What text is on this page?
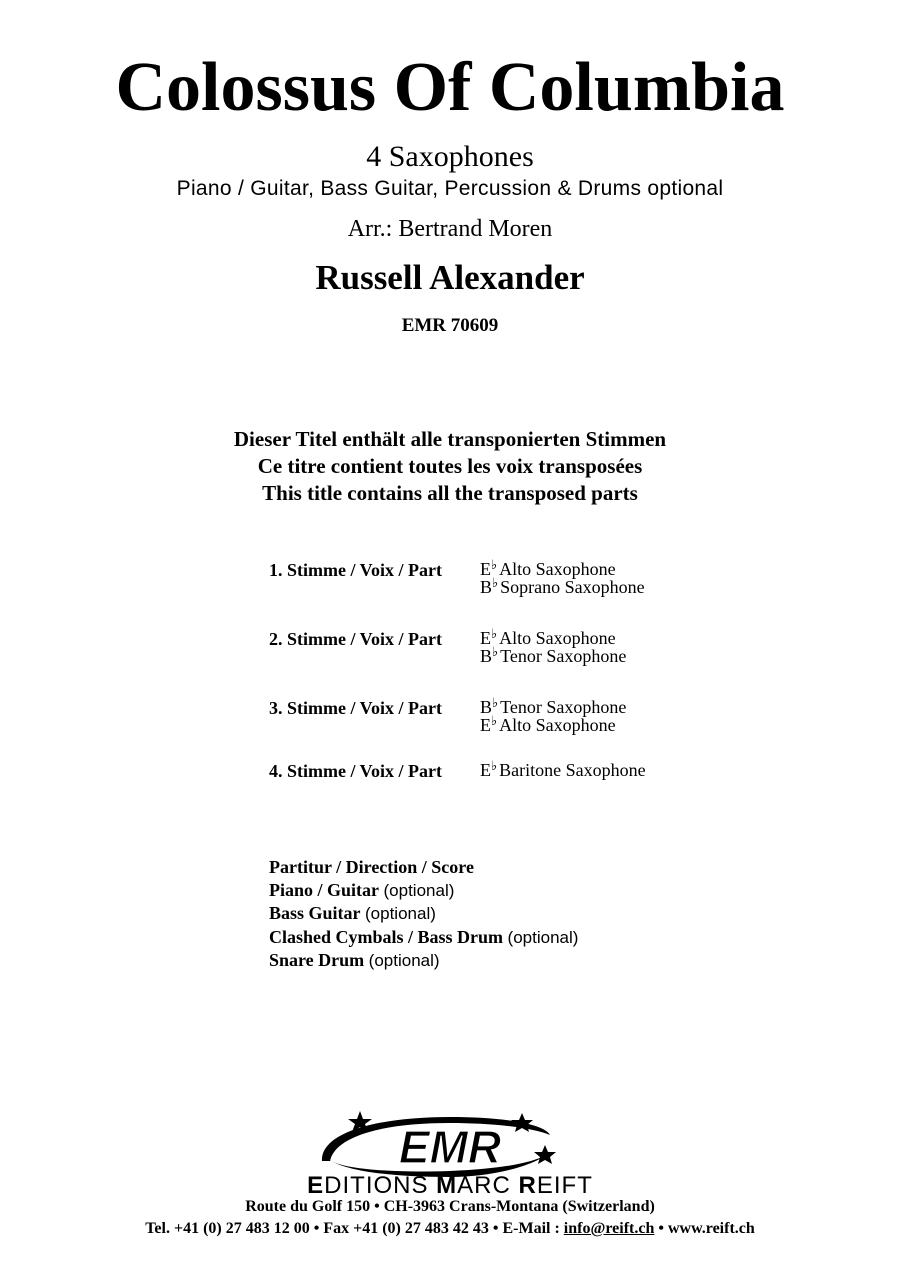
Colossus Of Columbia
4 Saxophones
Piano / Guitar, Bass Guitar, Percussion & Drums optional
Arr.: Bertrand Moren
Russell Alexander
EMR 70609
Dieser Titel enthält alle transponierten Stimmen
Ce titre contient toutes les voix transposées
This title contains all the transposed parts
1. Stimme / Voix / Part E♭ Alto Saxophone
B♭ Soprano Saxophone
2. Stimme / Voix / Part E♭ Alto Saxophone
B♭ Tenor Saxophone
3. Stimme / Voix / Part B♭ Tenor Saxophone
E♭ Alto Saxophone
4. Stimme / Voix / Part E♭ Baritone Saxophone
Partitur / Direction / Score
Piano / Guitar (optional)
Bass Guitar (optional)
Clashed Cymbals / Bass Drum (optional)
Snare Drum (optional)
EMR
EDITIONS MARC REIFT
Route du Golf 150 • CH-3963 Crans-Montana (Switzerland)
Tel. +41 (0) 27 483 12 00 • Fax +41 (0) 27 483 42 43 • E-Mail : info@reift.ch • www.reift.ch
